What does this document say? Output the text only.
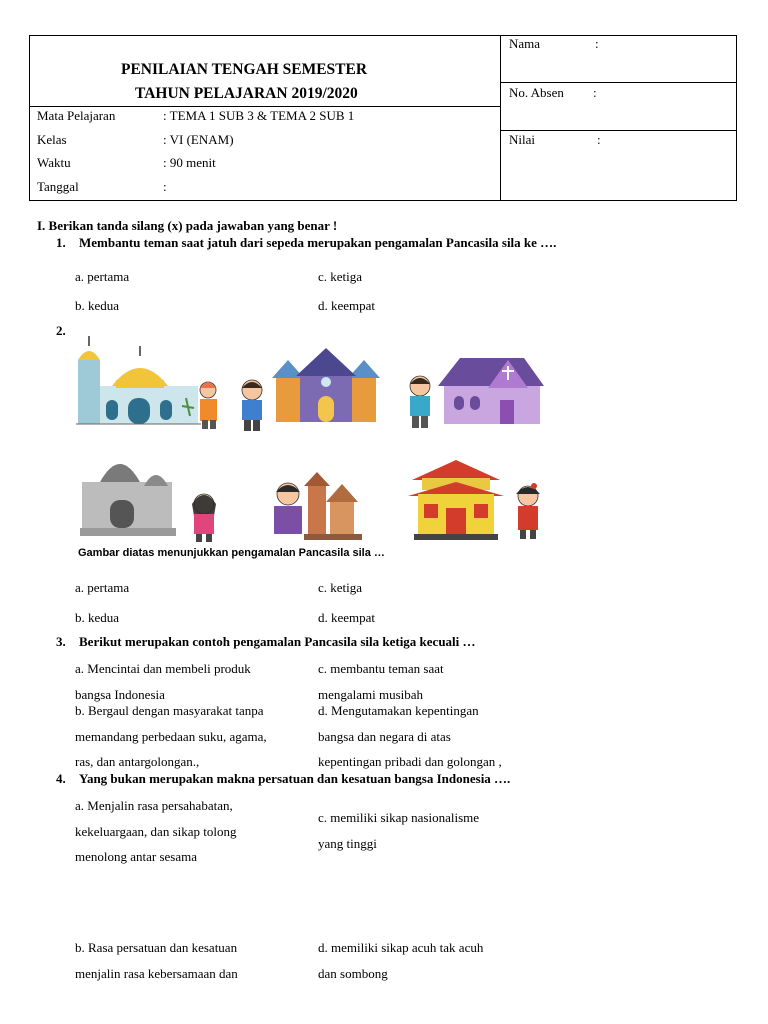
PENILAIAN TENGAH SEMESTER
TAHUN PELAJARAN 2019/2020
Mata Pelajaran	: TEMA 1 SUB 3 & TEMA 2 SUB 1
Kelas	: VI (ENAM)
Waktu	: 90 menit
Tanggal	:
Nama	:
No. Absen :
Nilai	:
I. Berikan tanda silang (x) pada jawaban yang benar !
1. Membantu teman saat jatuh dari sepeda merupakan pengamalan Pancasila sila ke ….
a. pertama	c. ketiga
b. kedua	d. keempat
2.
Gambar diatas menunjukkan pengamalan Pancasila sila …
a. pertama	c. ketiga
b. kedua	d. keempat
3. Berikut merupakan contoh pengamalan Pancasila sila ketiga kecuali …
a. Mencintai dan membeli produk
bangsa Indonesia
c. membantu teman saat
mengalami musibah
b. Bergaul dengan masyarakat tanpa
memandang perbedaan suku, agama,
ras, dan antargolongan.,
d. Mengutamakan kepentingan
bangsa dan negara di atas
kepentingan pribadi dan golongan ,
4. Yang bukan merupakan makna persatuan dan kesatuan bangsa Indonesia ….
a. Menjalin rasa persahabatan,
kekeluargaan, dan sikap tolong
menolong antar sesama
c. memiliki sikap nasionalisme
yang tinggi
b. Rasa persatuan dan kesatuan
menjalin rasa kebersamaan dan
d. memiliki sikap acuh tak acuh
dan sombong
